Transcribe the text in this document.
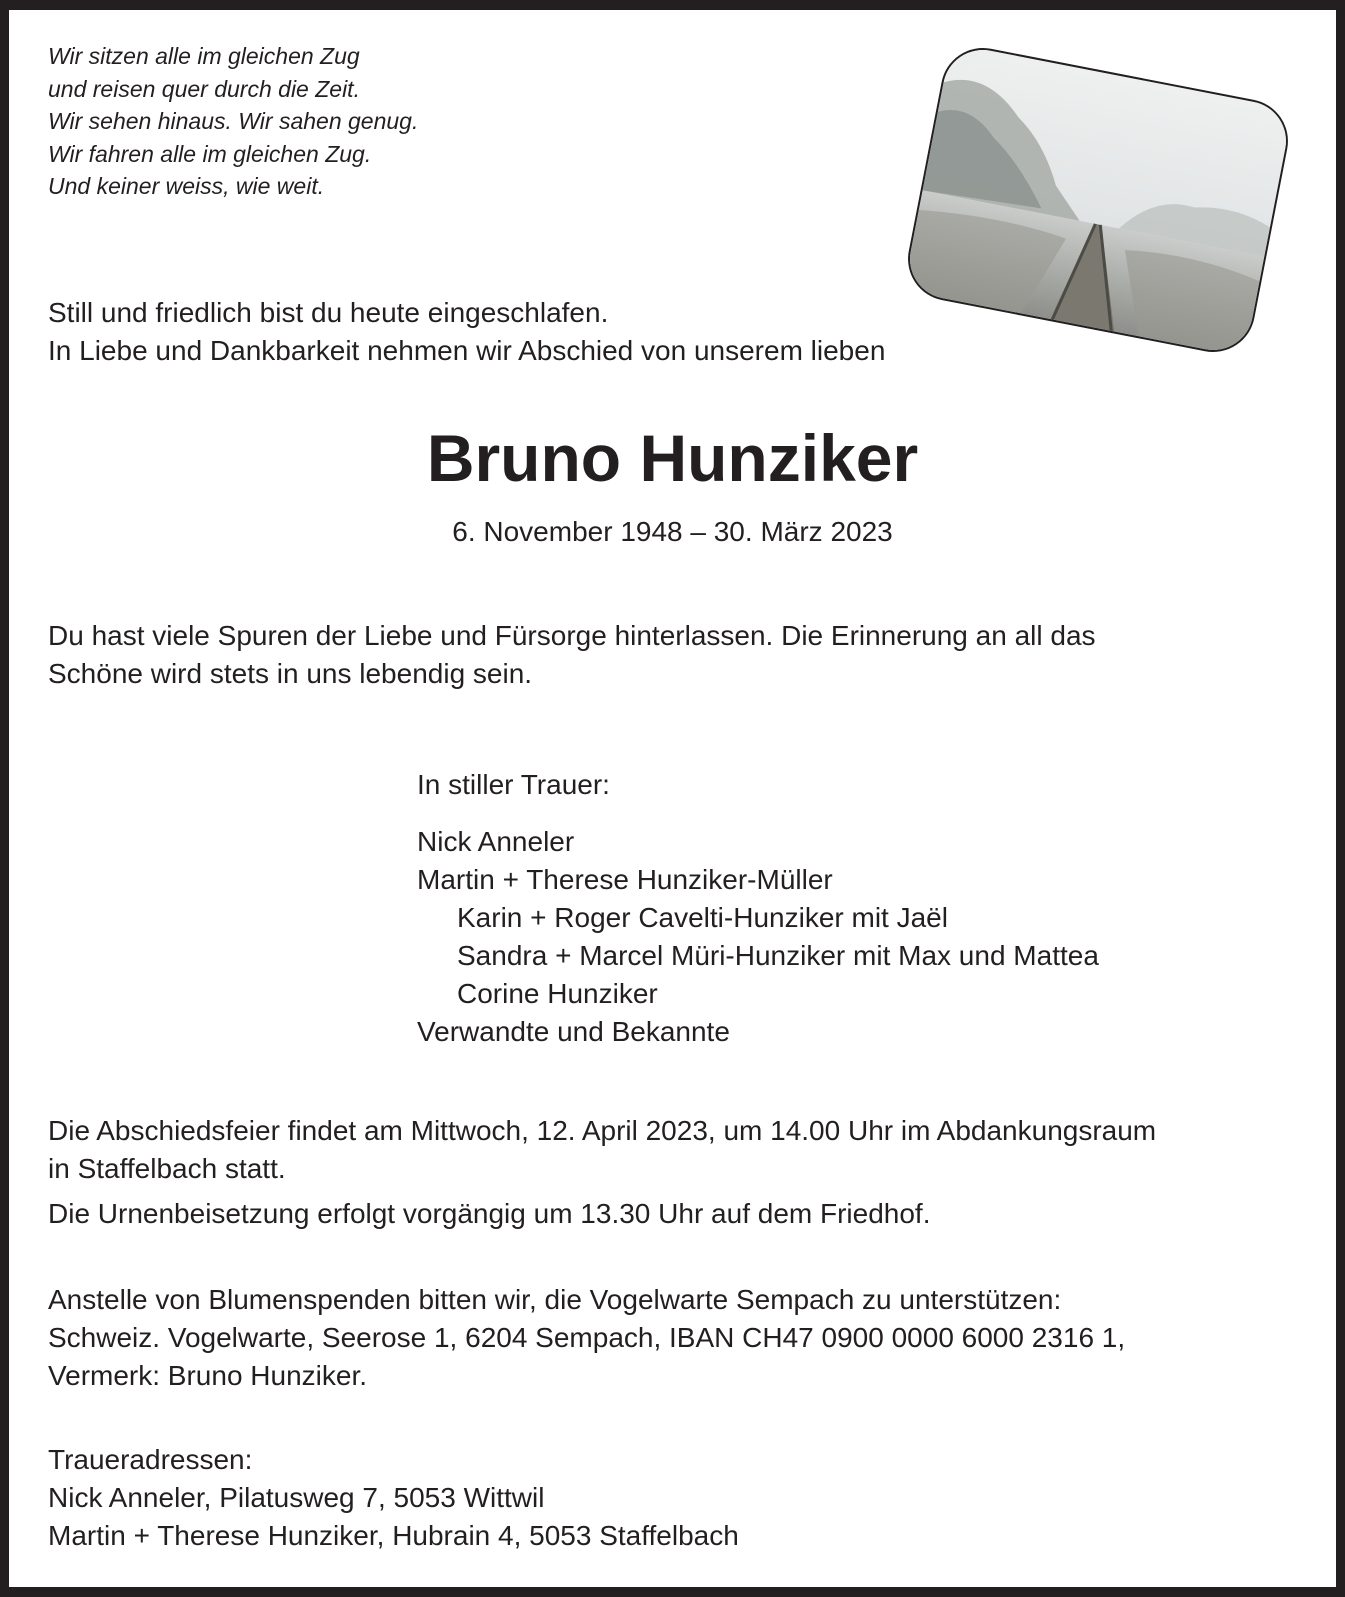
Wir sitzen alle im gleichen Zug
und reisen quer durch die Zeit.
Wir sehen hinaus. Wir sahen genug.
Wir fahren alle im gleichen Zug.
Und keiner weiss, wie weit.
Still und friedlich bist du heute eingeschlafen.
In Liebe und Dankbarkeit nehmen wir Abschied von unserem lieben
Bruno Hunziker
6. November 1948 – 30. März 2023
Du hast viele Spuren der Liebe und Fürsorge hinterlassen. Die Erinnerung an all das
Schöne wird stets in uns lebendig sein.
In stiller Trauer:
Nick Anneler
Martin + Therese Hunziker-Müller
Karin + Roger Cavelti-Hunziker mit Jaël
Sandra + Marcel Müri-Hunziker mit Max und Mattea
Corine Hunziker
Verwandte und Bekannte
Die Abschiedsfeier findet am Mittwoch, 12. April 2023, um 14.00 Uhr im Abdankungsraum
in Staffelbach statt.
Die Urnenbeisetzung erfolgt vorgängig um 13.30 Uhr auf dem Friedhof.
Anstelle von Blumenspenden bitten wir, die Vogelwarte Sempach zu unterstützen:
Schweiz. Vogelwarte, Seerose 1, 6204 Sempach, IBAN CH47 0900 0000 6000 2316 1,
Vermerk: Bruno Hunziker.
Traueradressen:
Nick Anneler, Pilatusweg 7, 5053 Wittwil
Martin + Therese Hunziker, Hubrain 4, 5053 Staffelbach
